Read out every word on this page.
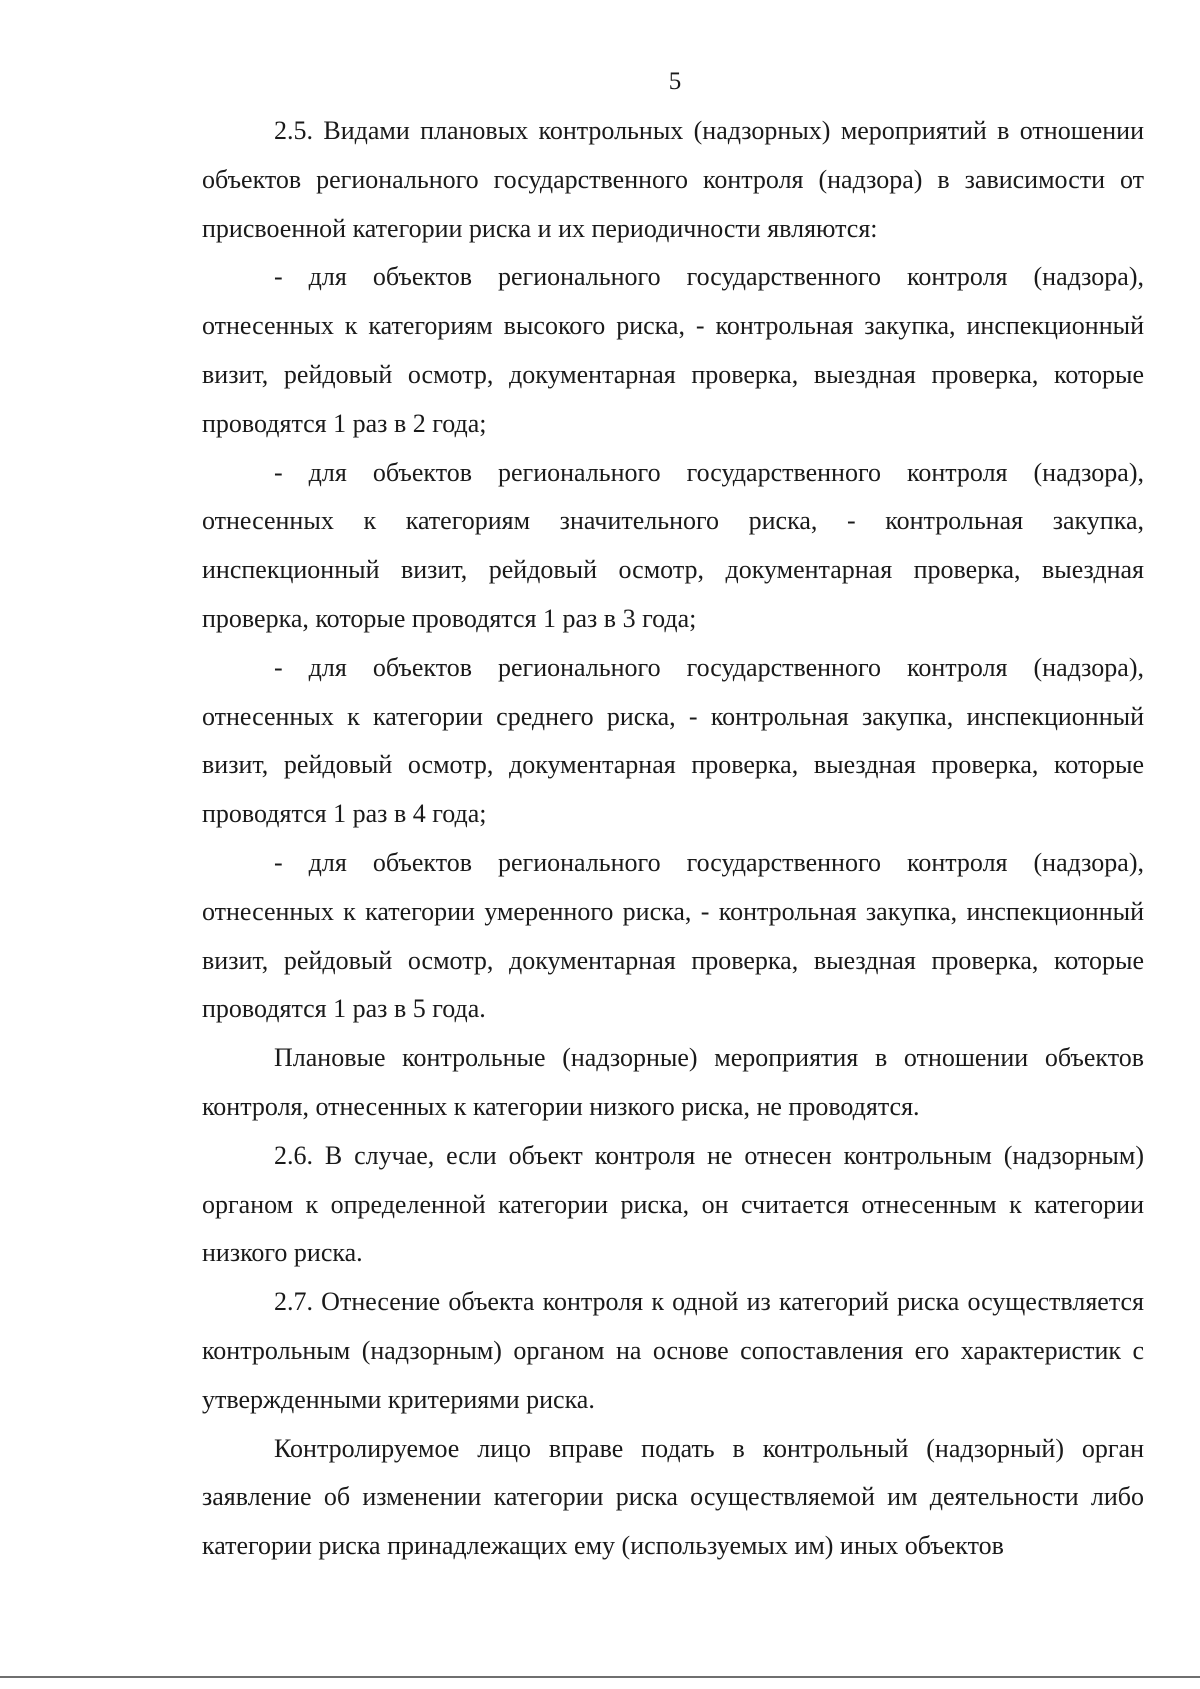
5

2.5. Видами плановых контрольных (надзорных) мероприятий в отношении объектов регионального государственного контроля (надзора) в зависимости от присвоенной категории риска и их периодичности являются:

- для объектов регионального государственного контроля (надзора), отнесенных к категориям высокого риска, - контрольная закупка, инспекционный визит, рейдовый осмотр, документарная проверка, выездная проверка, которые проводятся 1 раз в 2 года;

- для объектов регионального государственного контроля (надзора), отнесенных к категориям значительного риска, - контрольная закупка, инспекционный визит, рейдовый осмотр, документарная проверка, выездная проверка, которые проводятся 1 раз в 3 года;

- для объектов регионального государственного контроля (надзора), отнесенных к категории среднего риска, - контрольная закупка, инспекционный визит, рейдовый осмотр, документарная проверка, выездная проверка, которые проводятся 1 раз в 4 года;

- для объектов регионального государственного контроля (надзора), отнесенных к категории умеренного риска, - контрольная закупка, инспекционный визит, рейдовый осмотр, документарная проверка, выездная проверка, которые проводятся 1 раз в 5 года.

Плановые контрольные (надзорные) мероприятия в отношении объектов контроля, отнесенных к категории низкого риска, не проводятся.

2.6. В случае, если объект контроля не отнесен контрольным (надзорным) органом к определенной категории риска, он считается отнесенным к категории низкого риска.

2.7. Отнесение объекта контроля к одной из категорий риска осуществляется контрольным (надзорным) органом на основе сопоставления его характеристик с утвержденными критериями риска.

Контролируемое лицо вправе подать в контрольный (надзорный) орган заявление об изменении категории риска осуществляемой им деятельности либо категории риска принадлежащих ему (используемых им) иных объектов
